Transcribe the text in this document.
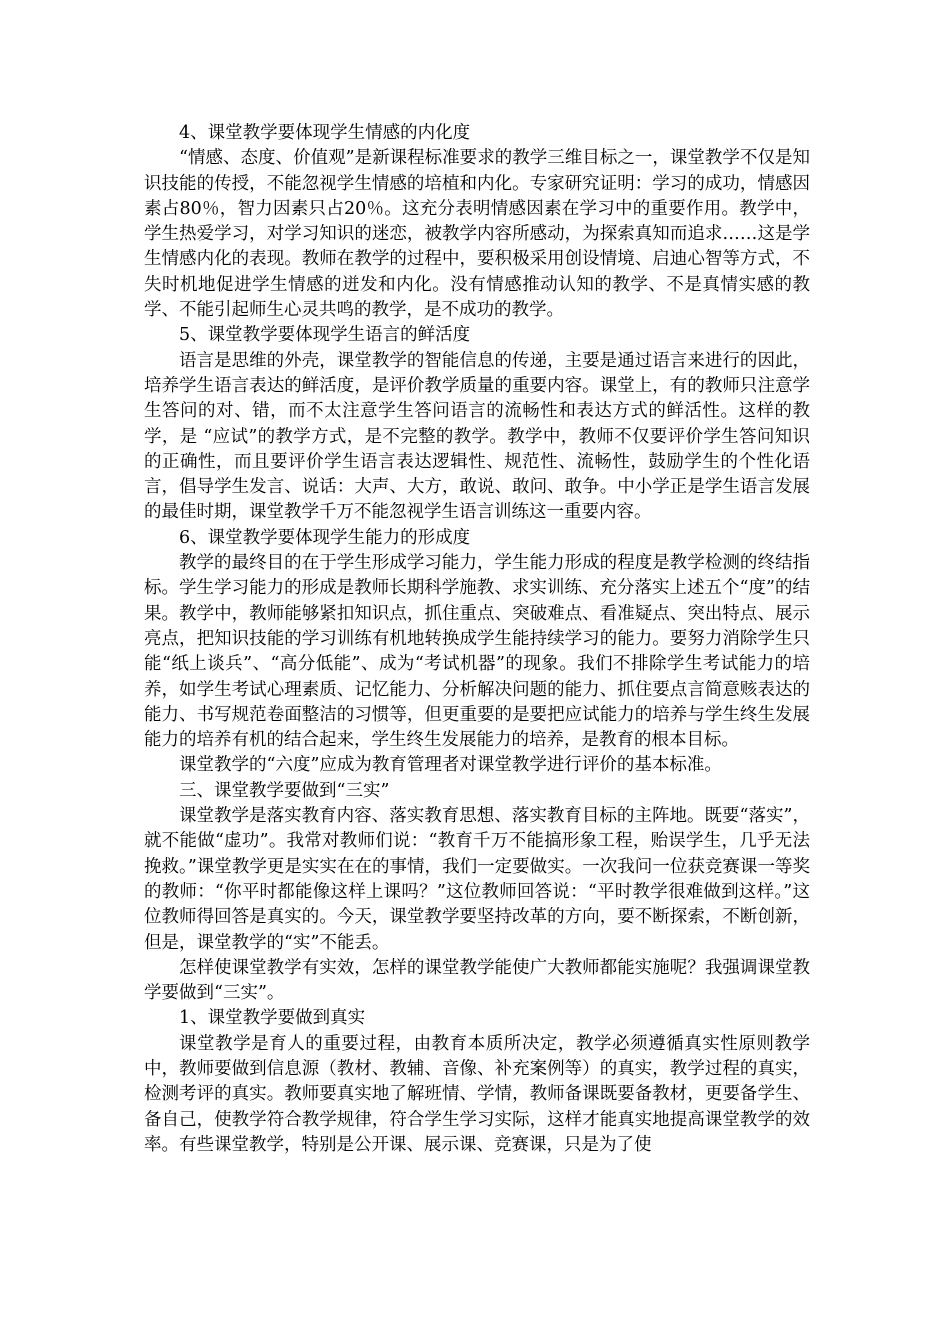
4、课堂教学要体现学生情感的内化度

“情感、态度、价值观”是新课程标准要求的教学三维目标之一，课堂教学不仅是知识技能的传授，不能忽视学生情感的培植和内化。专家研究证明：学习的成功，情感因素占80％，智力因素只占20％。这充分表明情感因素在学习中的重要作用。教学中，学生热爱学习，对学习知识的迷恋，被教学内容所感动，为探索真知而追求……这是学生情感内化的表现。教师在教学的过程中，要积极采用创设情境、启迪心智等方式，不失时机地促进学生情感的迸发和内化。没有情感推动认知的教学、不是真情实感的教学、不能引起师生心灵共鸣的教学，是不成功的教学。

5、课堂教学要体现学生语言的鲜活度

语言是思维的外壳，课堂教学的智能信息的传递，主要是通过语言来进行的因此，培养学生语言表达的鲜活度，是评价教学质量的重要内容。课堂上，有的教师只注意学生答问的对、错，而不太注意学生答问语言的流畅性和表达方式的鲜活性。这样的教学，是 “应试”的教学方式，是不完整的教学。教学中，教师不仅要评价学生答问知识的正确性，而且要评价学生语言表达逻辑性、规范性、流畅性，鼓励学生的个性化语言，倡导学生发言、说话：大声、大方，敢说、敢问、敢争。中小学正是学生语言发展的最佳时期，课堂教学千万不能忽视学生语言训练这一重要内容。

6、课堂教学要体现学生能力的形成度

教学的最终目的在于学生形成学习能力，学生能力形成的程度是教学检测的终结指标。学生学习能力的形成是教师长期科学施教、求实训练、充分落实上述五个“度”的结果。教学中，教师能够紧扣知识点，抓住重点、突破难点、看准疑点、突出特点、展示亮点，把知识技能的学习训练有机地转换成学生能持续学习的能力。要努力消除学生只能“纸上谈兵”、“高分低能”、成为“考试机器”的现象。我们不排除学生考试能力的培养，如学生考试心理素质、记忆能力、分析解决问题的能力、抓住要点言简意赅表达的能力、书写规范卷面整洁的习惯等，但更重要的是要把应试能力的培养与学生终生发展能力的培养有机的结合起来，学生终生发展能力的培养，是教育的根本目标。

课堂教学的“六度”应成为教育管理者对课堂教学进行评价的基本标准。

三、课堂教学要做到“三实”

课堂教学是落实教育内容、落实教育思想、落实教育目标的主阵地。既要“落实”，就不能做“虚功”。我常对教师们说：“教育千万不能搞形象工程，贻误学生，几乎无法挽救。”课堂教学更是实实在在的事情，我们一定要做实。一次我问一位获竞赛课一等奖的教师：“你平时都能像这样上课吗？”这位教师回答说：“平时教学很难做到这样。”这位教师得回答是真实的。今天，课堂教学要坚持改革的方向，要不断探索，不断创新，但是，课堂教学的“实”不能丢。

怎样使课堂教学有实效，怎样的课堂教学能使广大教师都能实施呢？我强调课堂教学要做到“三实”。

1、课堂教学要做到真实

课堂教学是育人的重要过程，由教育本质所决定，教学必须遵循真实性原则教学中，教师要做到信息源（教材、教辅、音像、补充案例等）的真实，教学过程的真实，检测考评的真实。教师要真实地了解班情、学情，教师备课既要备教材，更要备学生、备自己，使教学符合教学规律，符合学生学习实际，这样才能真实地提高课堂教学的效率。有些课堂教学，特别是公开课、展示课、竞赛课，只是为了使
